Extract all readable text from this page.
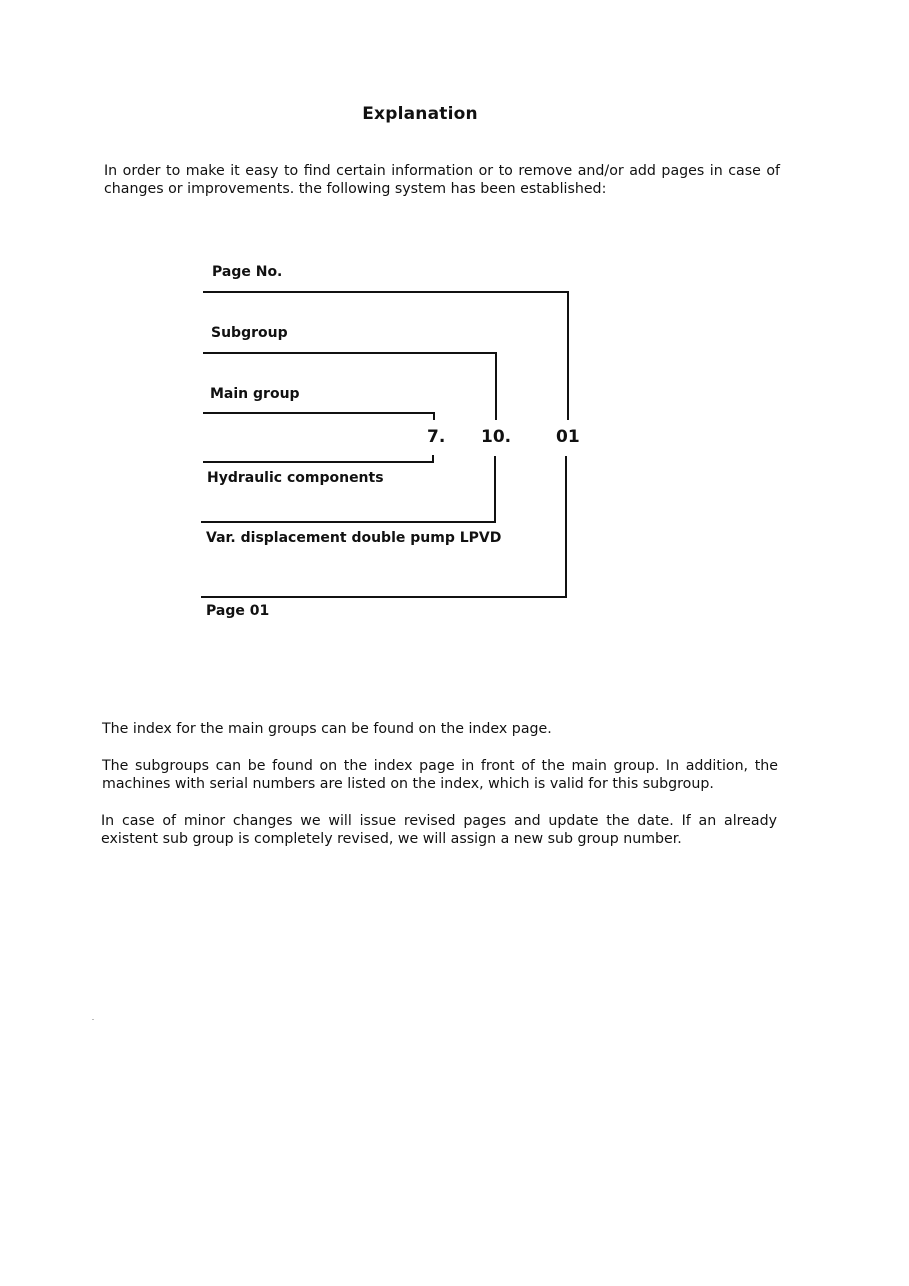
Explanation
In order to make it easy to find certain information or to remove and/or add pages in case of changes or improvements. the following system has been established:
Page No.
Subgroup
Main group
7. 10.	01
Hydraulic components
Var. displacement double pump LPVD
Page 01
The index for the main groups can be found on the index page.
The subgroups can be found on the index page in front of the main group. In addition, the machines with serial numbers are listed on the index, which is valid for this subgroup.
In case of minor changes we will issue revised pages and update the date. If an already existent sub group is completely revised, we will assign a new sub group number.
